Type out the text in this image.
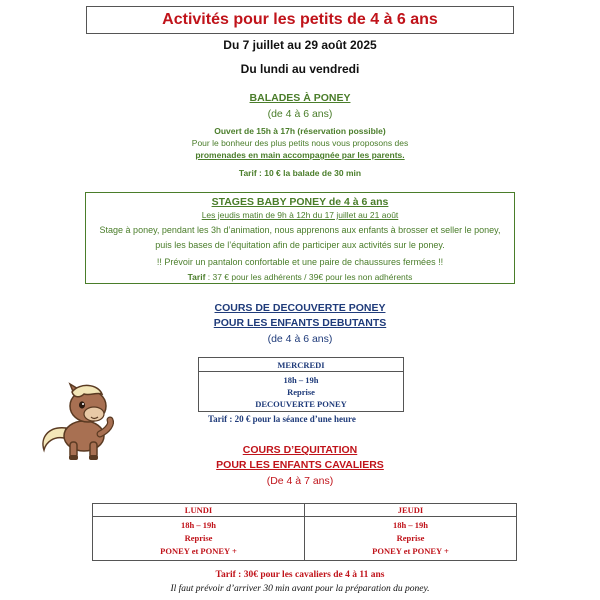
Activités pour les petits de 4 à 6 ans
Du 7 juillet au 29 août 2025
Du lundi au vendredi
BALADES À PONEY
(de 4 à 6 ans)
Ouvert de 15h à 17h (réservation possible)
Pour le bonheur des plus petits nous vous proposons des
promenades en main accompagnée par les parents.
Tarif : 10 € la balade de 30 min
STAGES BABY PONEY de 4 à 6 ans
Les jeudis matin de 9h à 12h du 17 juillet au 21 août
Stage à poney, pendant les 3h d’animation, nous apprenons aux enfants à brosser et seller le poney, puis les bases de l’équitation afin de participer aux activités sur le poney.
!! Prévoir un pantalon confortable et une paire de chaussures fermées !!
Tarif : 37 € pour les adhérents / 39€ pour les non adhérents
COURS DE DECOUVERTE PONEY
POUR LES ENFANTS DEBUTANTS
(de 4 à 6 ans)
MERCREDI
18h – 19h
Reprise
DECOUVERTE PONEY
Tarif : 20 € pour la séance d’une heure
COURS D’EQUITATION
POUR LES ENFANTS CAVALIERS
(De 4 à 7 ans)
LUNDI
18h – 19h
Reprise
PONEY et PONEY +
JEUDI
18h – 19h
Reprise
PONEY et PONEY +
Tarif : 30€ pour les cavaliers de 4 à 11 ans
Il faut prévoir d’arriver 30 min avant pour la préparation du poney.
